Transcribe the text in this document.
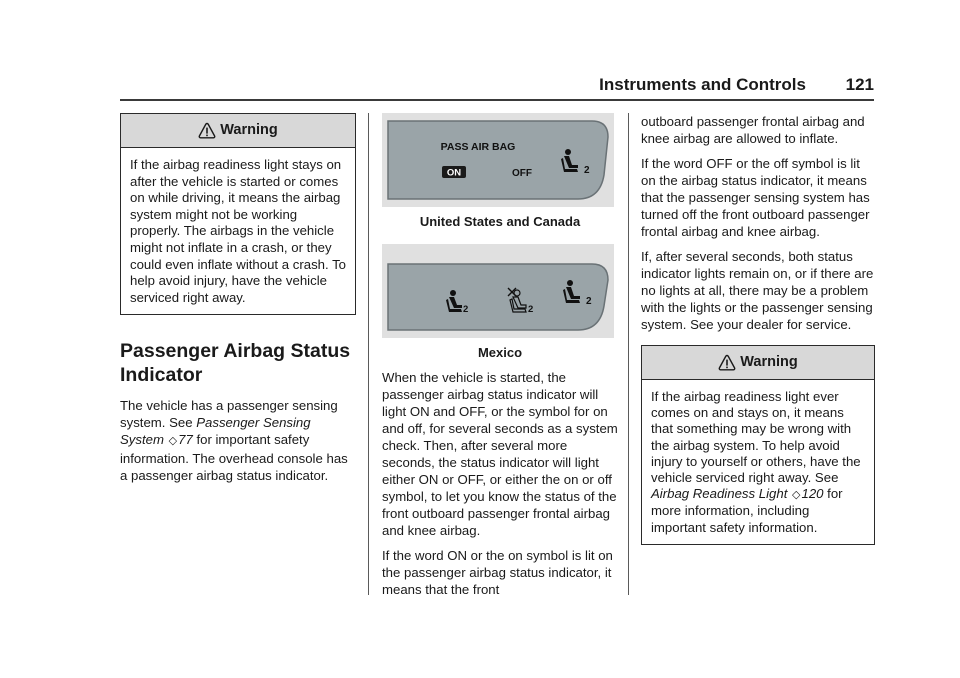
Instruments and Controls 121
Warning
If the airbag readiness light stays on after the vehicle is started or comes on while driving, it means the airbag system might not be working properly. The airbags in the vehicle might not inflate in a crash, or they could even inflate without a crash. To help avoid injury, have the vehicle serviced right away.
Passenger Airbag Status Indicator

The vehicle has a passenger sensing system. See Passenger Sensing System ◇77 for important safety information. The overhead console has a passenger airbag status indicator.

PASS AIR BAG
ON	OFF	2
United States and Canada
2	2
2
Mexico

When the vehicle is started, the passenger airbag status indicator will light ON and OFF, or the symbol for on and off, for several seconds as a system check. Then, after several more seconds, the status indicator will light either ON or OFF, or either the on or off symbol, to let you know the status of the front outboard passenger frontal airbag and knee airbag.

If the word ON or the on symbol is lit on the passenger airbag status indicator, it means that the front

outboard passenger frontal airbag and knee airbag are allowed to inflate.

If the word OFF or the off symbol is lit on the airbag status indicator, it means that the passenger sensing system has turned off the front outboard passenger frontal airbag and knee airbag.

If, after several seconds, both status indicator lights remain on, or if there are no lights at all, there may be a problem with the lights or the passenger sensing system. See your dealer for service.

Warning
If the airbag readiness light ever comes on and stays on, it means that something may be wrong with the airbag system. To help avoid injury to yourself or others, have the vehicle serviced right away. See Airbag Readiness Light ◇120 for more information, including important safety information.
